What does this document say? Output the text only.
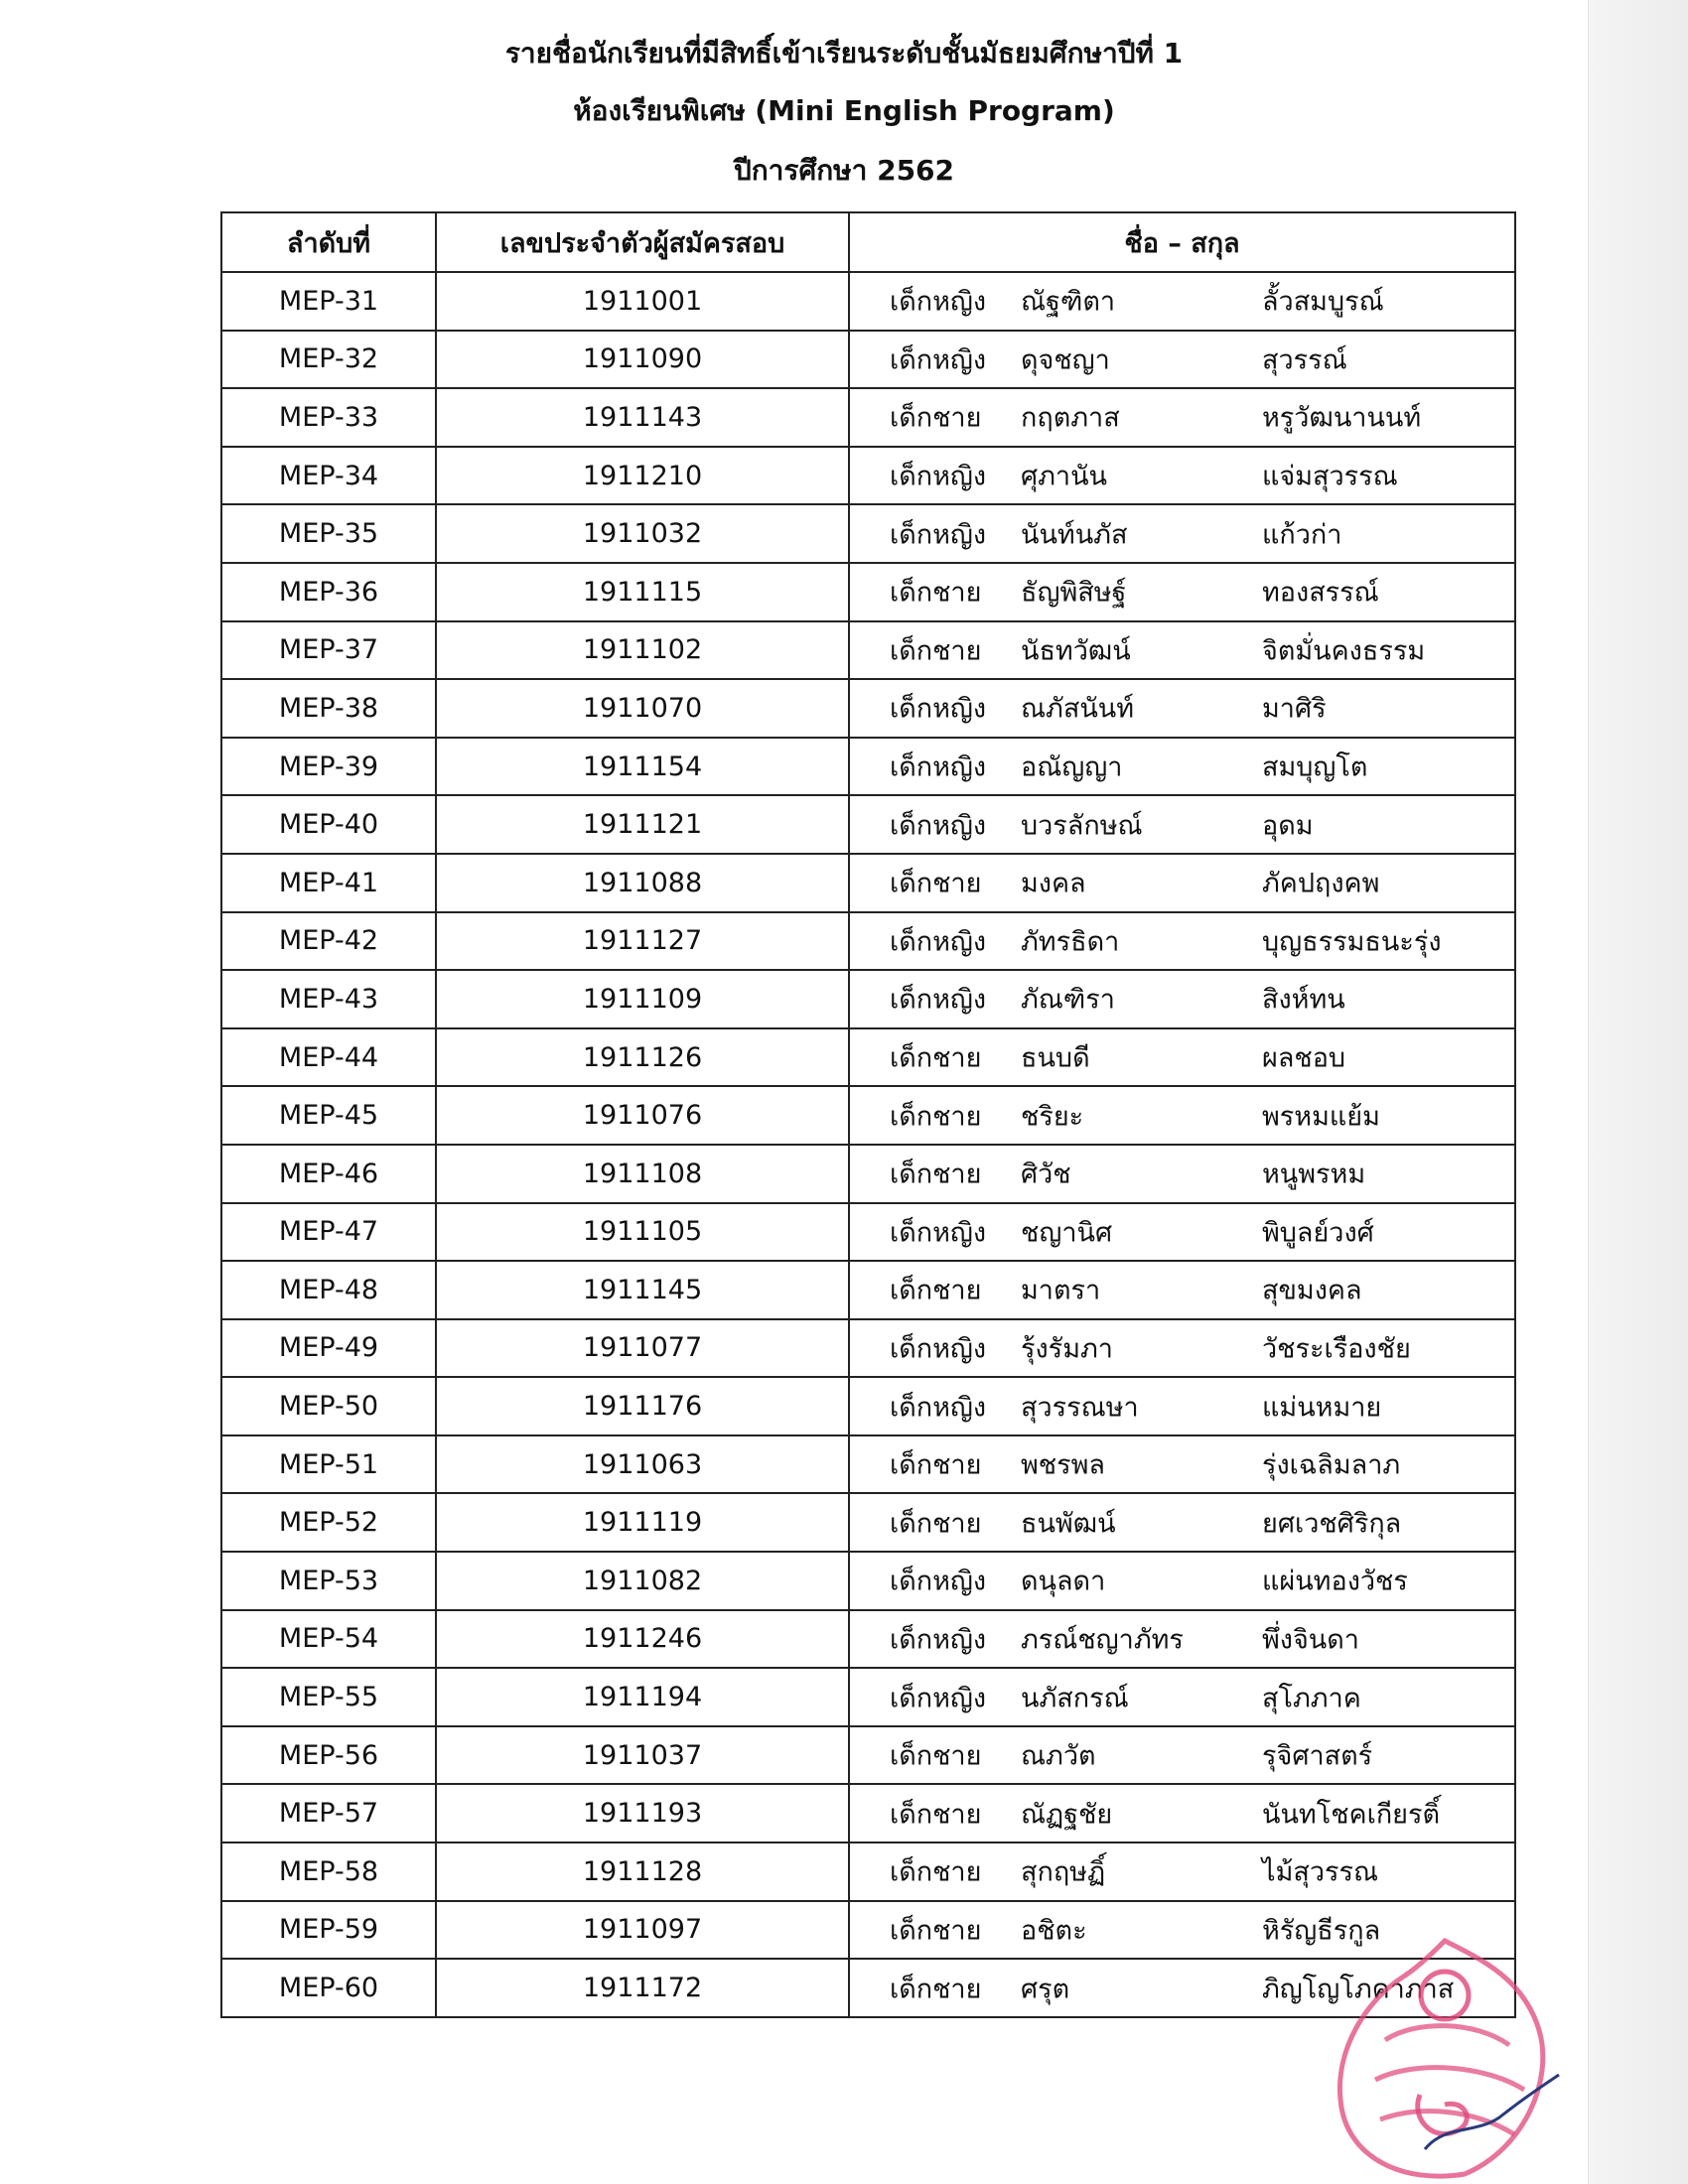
รายชื่อนักเรียนที่มีสิทธิ์เข้าเรียนระดับชั้นมัธยมศึกษาปีที่ 1
ห้องเรียนพิเศษ (Mini English Program)
ปีการศึกษา 2562
ลำดับที่	เลขประจำตัวผู้สมัครสอบ	ชื่อ – สกุล
MEP-31	1911001	เด็กหญิง ณัฐฑิตา ลั้วสมบูรณ์

MEP-32	1911090	เด็กหญิง ดุจชญา สุวรรณ์

MEP-33	1911143	เด็กชาย กฤตภาส หรูวัฒนานนท์

MEP-34	1911210	เด็กหญิง ศุภานัน แจ่มสุวรรณ

MEP-35	1911032	เด็กหญิง นันท์นภัส แก้วก่า

MEP-36	1911115	เด็กชาย ธัญพิสิษฐ์ ทองสรรณ์

MEP-37	1911102	เด็กชาย นัธทวัฒน์ จิตมั่นคงธรรม

MEP-38	1911070	เด็กหญิง ณภัสนันท์ มาศิริ

MEP-39	1911154	เด็กหญิง อณัญญา สมบุญโต

MEP-40	1911121	เด็กหญิง บวรลักษณ์ อุดม

MEP-41	1911088	เด็กชาย มงคล ภัคปฤงคพ

MEP-42	1911127	เด็กหญิง ภัทรธิดา บุญธรรมธนะรุ่ง

MEP-43	1911109	เด็กหญิง ภัณฑิรา สิงห์ทน

MEP-44	1911126	เด็กชาย ธนบดี ผลชอบ

MEP-45	1911076	เด็กชาย ชริยะ พรหมแย้ม

MEP-46	1911108	เด็กชาย ศิวัช หนูพรหม

MEP-47	1911105	เด็กหญิง ชญานิศ พิบูลย์วงศ์

MEP-48	1911145	เด็กชาย มาตรา สุขมงคล

MEP-49	1911077	เด็กหญิง รุ้งรัมภา วัชระเรืองชัย

MEP-50	1911176	เด็กหญิง สุวรรณษา แม่นหมาย

MEP-51	1911063	เด็กชาย พชรพล รุ่งเฉลิมลาภ

MEP-52	1911119	เด็กชาย ธนพัฒน์ ยศเวชศิริกุล

MEP-53	1911082	เด็กหญิง ดนุลดา แผ่นทองวัชร

MEP-54	1911246	เด็กหญิง ภรณ์ชญาภัทร พึ่งจินดา

MEP-55	1911194	เด็กหญิง นภัสกรณ์ สุโภภาค

MEP-56	1911037	เด็กชาย ณภวัต รุจิศาสตร์

MEP-57	1911193	เด็กชาย ณัฏฐชัย นันทโชคเกียรติ์

MEP-58	1911128	เด็กชาย สุกฤษฏิ์ ไม้สุวรรณ

MEP-59	1911097	เด็กชาย อชิตะ หิรัญธีรกูล

MEP-60	1911172	เด็กชาย ศรุต ภิญโญโภคาภาส
